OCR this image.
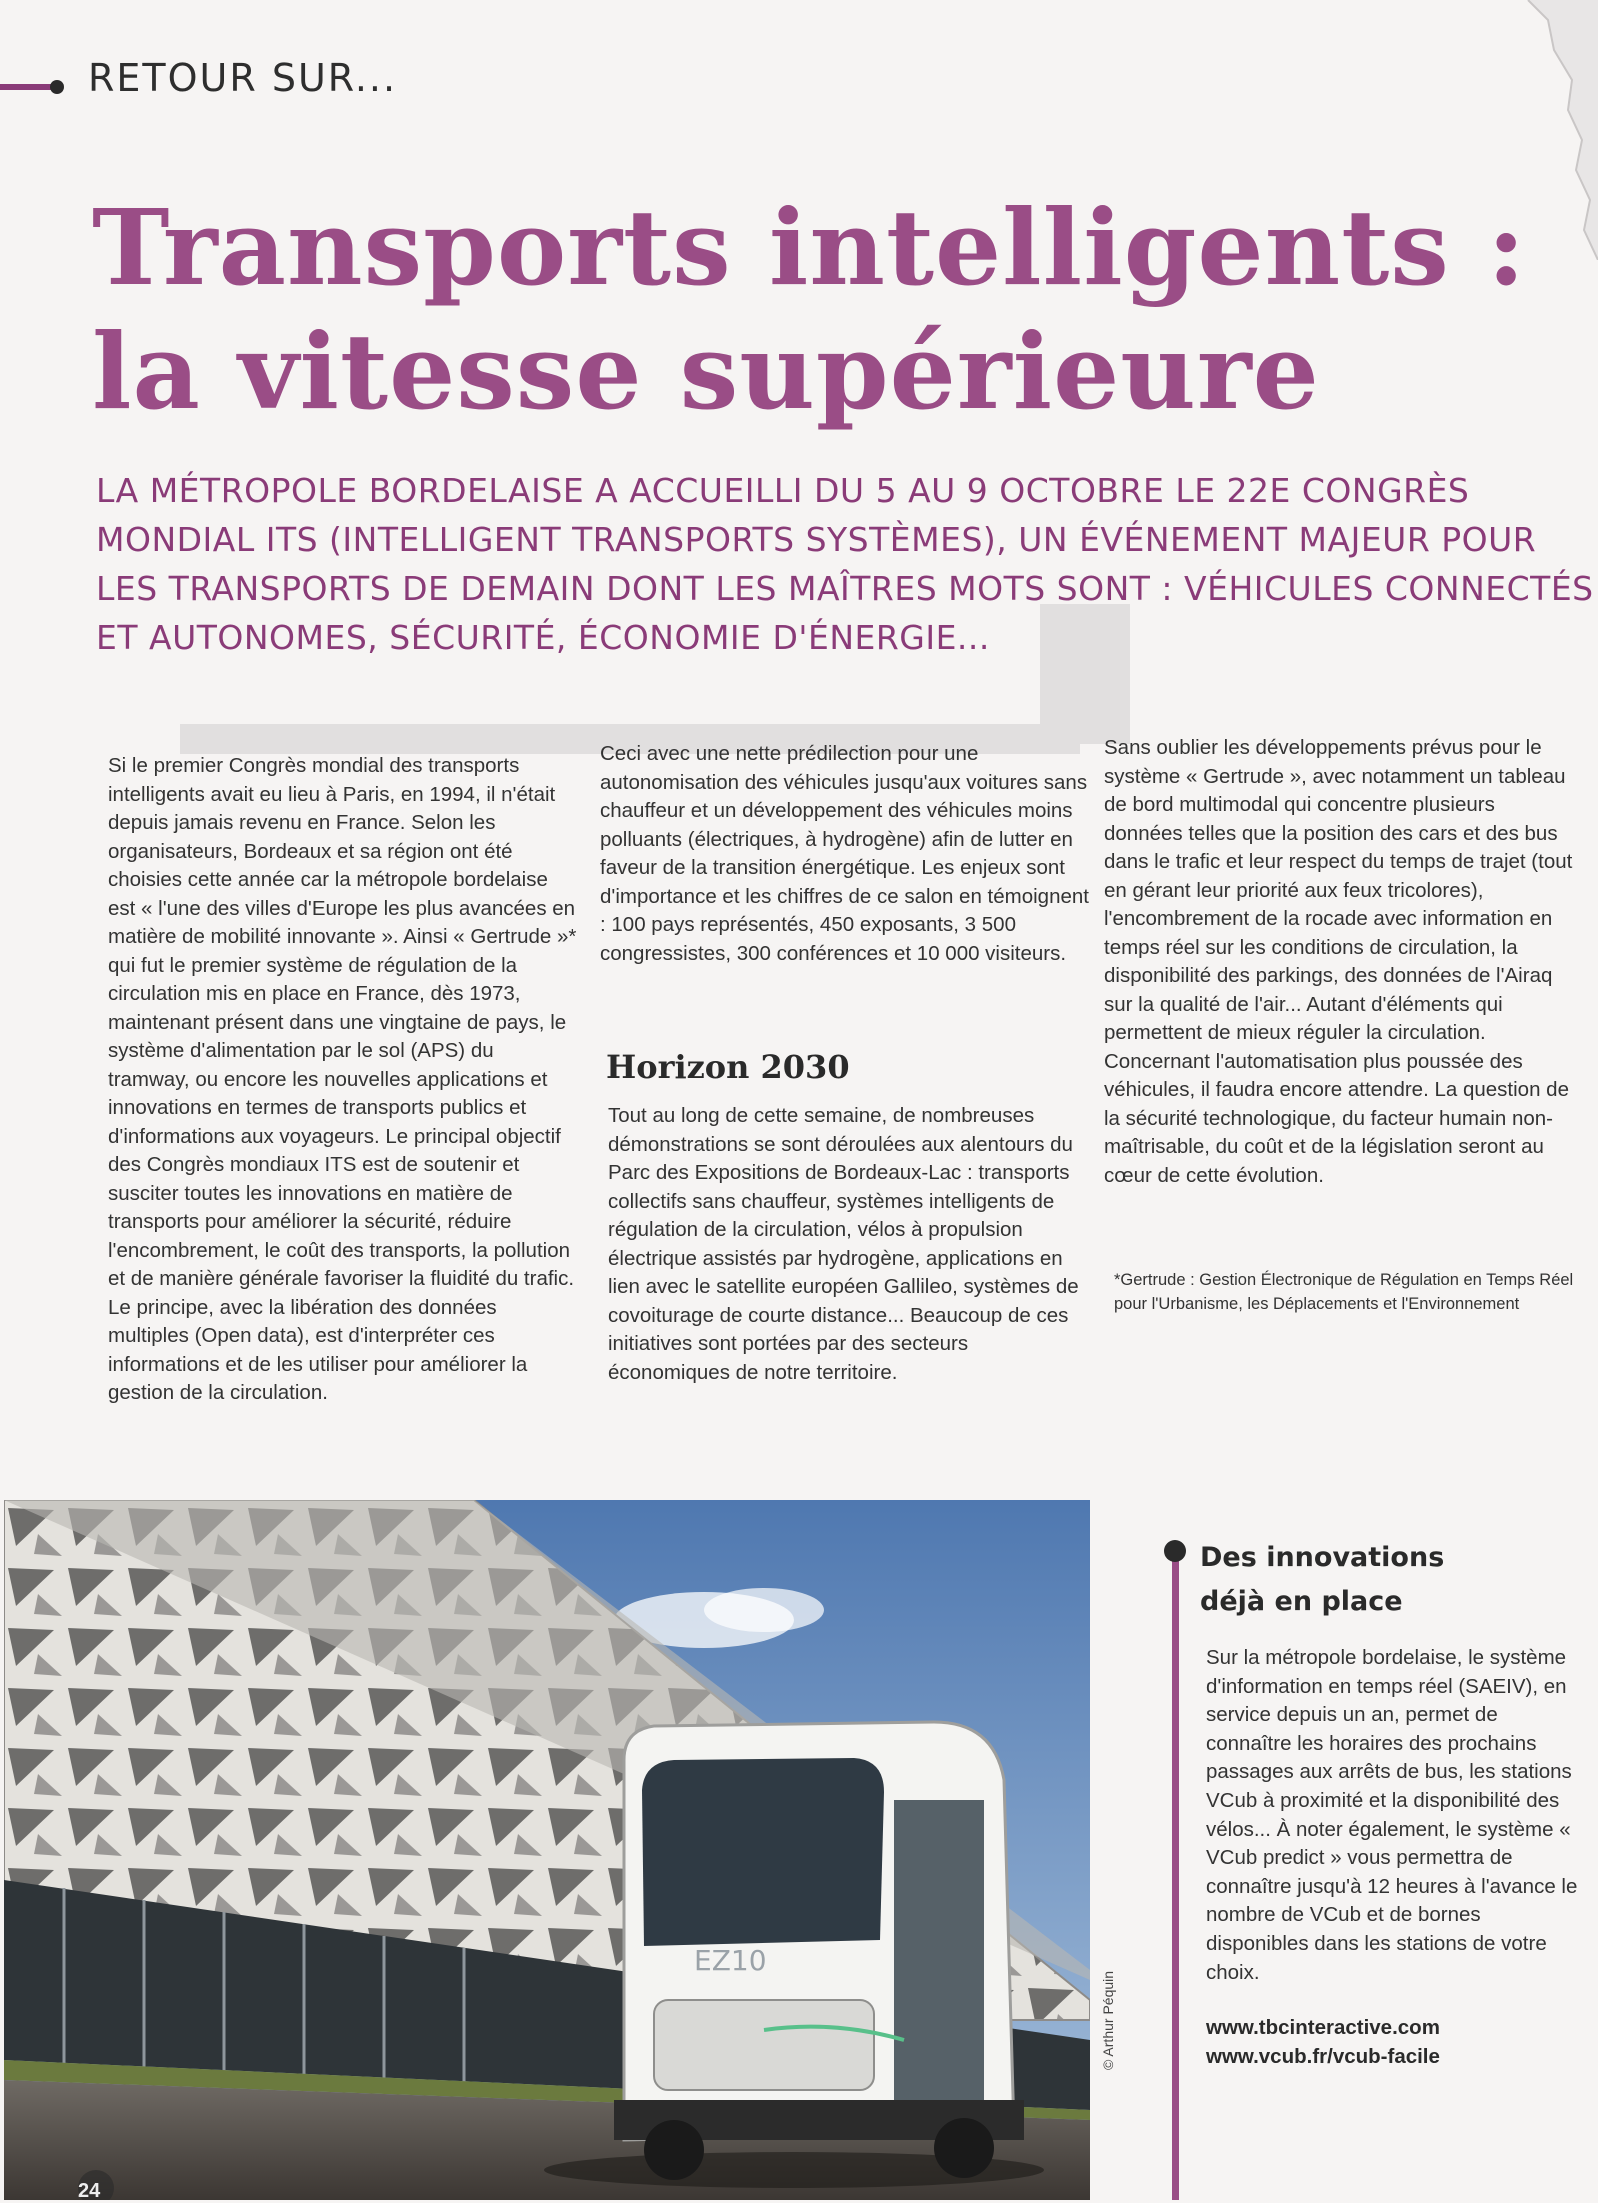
RETOUR SUR...
Transports intelligents :
la vitesse supérieure
LA MÉTROPOLE BORDELAISE A ACCUEILLI DU 5 AU 9 OCTOBRE LE 22E CONGRÈS
MONDIAL ITS (INTELLIGENT TRANSPORTS SYSTÈMES), UN ÉVÉNEMENT MAJEUR POUR
LES TRANSPORTS DE DEMAIN DONT LES MAÎTRES MOTS SONT : VÉHICULES CONNECTÉS
ET AUTONOMES, SÉCURITÉ, ÉCONOMIE D'ÉNERGIE...

Si le premier Congrès mondial des transports intelligents avait eu lieu à Paris, en 1994, il n'était depuis jamais revenu en France. Selon les organisateurs, Bordeaux et sa région ont été choisies cette année car la métropole bordelaise est « l'une des villes d'Europe les plus avancées en matière de mobilité innovante ». Ainsi « Gertrude »* qui fut le premier système de régulation de la circulation mis en place en France, dès 1973, maintenant présent dans une vingtaine de pays, le système d'alimentation par le sol (APS) du tramway, ou encore les nouvelles applications et innovations en termes de transports publics et d'informations aux voyageurs. Le principal objectif des Congrès mondiaux ITS est de soutenir et susciter toutes les innovations en matière de transports pour améliorer la sécurité, réduire l'encombrement, le coût des transports, la pollution et de manière générale favoriser la fluidité du trafic. Le principe, avec la libération des données multiples (Open data), est d'interpréter ces informations et de les utiliser pour améliorer la gestion de la circulation.

Ceci avec une nette prédilection pour une autonomisation des véhicules jusqu'aux voitures sans chauffeur et un développement des véhicules moins polluants (électriques, à hydrogène) afin de lutter en faveur de la transition énergétique. Les enjeux sont d'importance et les chiffres de ce salon en témoignent : 100 pays représentés, 450 exposants, 3 500 congressistes, 300 conférences et 10 000 visiteurs.

Horizon 2030

Tout au long de cette semaine, de nombreuses démonstrations se sont déroulées aux alentours du Parc des Expositions de Bordeaux-Lac : transports collectifs sans chauffeur, systèmes intelligents de régulation de la circulation, vélos à propulsion électrique assistés par hydrogène, applications en lien avec le satellite européen Gallileo, systèmes de covoiturage de courte distance... Beaucoup de ces initiatives sont portées par des secteurs économiques de notre territoire.

Sans oublier les développements prévus pour le système « Gertrude », avec notamment un tableau de bord multimodal qui concentre plusieurs données telles que la position des cars et des bus dans le trafic et leur respect du temps de trajet (tout en gérant leur priorité aux feux tricolores), l'encombrement de la rocade avec information en temps réel sur les conditions de circulation, la disponibilité des parkings, des données de l'Airaq sur la qualité de l'air... Autant d'éléments qui permettent de mieux réguler la circulation.

Concernant l'automatisation plus poussée des véhicules, il faudra encore attendre. La question de la sécurité technologique, du facteur humain non-maîtrisable, du coût et de la législation seront au cœur de cette évolution.

*Gertrude : Gestion Électronique de Régulation en Temps Réel pour l'Urbanisme, les Déplacements et l'Environnement

EZ10
© Arthur Péquin
Des innovations
déjà en place

Sur la métropole bordelaise, le système d'information en temps réel (SAEIV), en service depuis un an, permet de connaître les horaires des prochains passages aux arrêts de bus, les stations VCub à proximité et la disponibilité des vélos... À noter également, le système « VCub predict » vous permettra de connaître jusqu'à 12 heures à l'avance le nombre de VCub et de bornes disponibles dans les stations de votre choix.

www.tbcinteractive.com
www.vcub.fr/vcub-facile
24
